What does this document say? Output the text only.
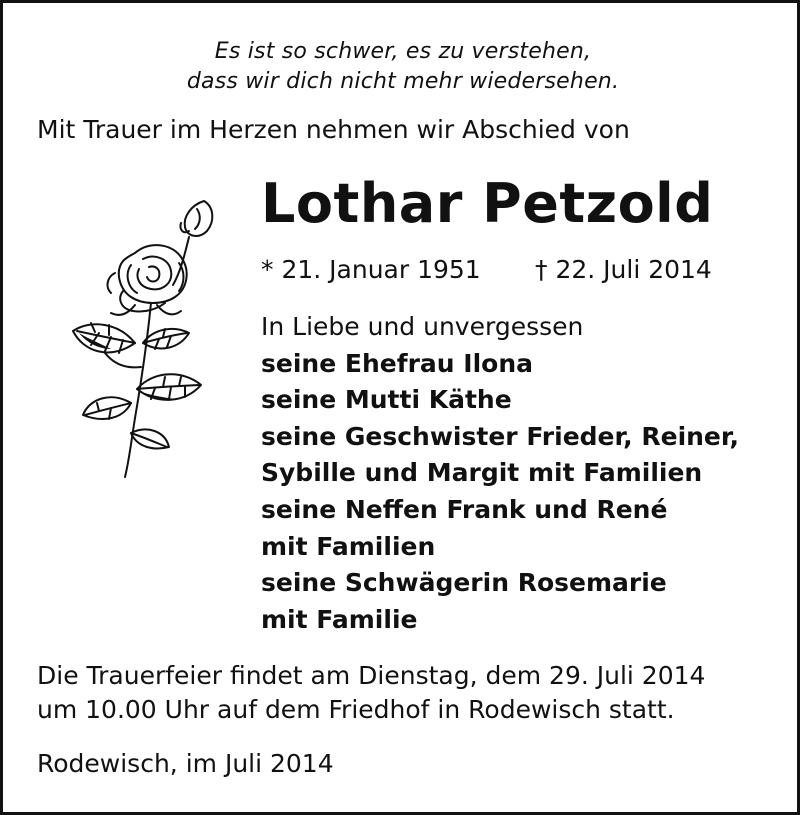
Es ist so schwer, es zu verstehen,
dass wir dich nicht mehr wiedersehen.
Mit Trauer im Herzen nehmen wir Abschied von
Lothar Petzold
* 21. Januar 1951 † 22. Juli 2014
In Liebe und unvergessen
seine Ehefrau Ilona
seine Mutti Käthe
seine Geschwister Frieder, Reiner,
Sybille und Margit mit Familien
seine Neffen Frank und René
mit Familien
seine Schwägerin Rosemarie
mit Familie
Die Trauerfeier findet am Dienstag, dem 29. Juli 2014
um 10.00 Uhr auf dem Friedhof in Rodewisch statt.
Rodewisch, im Juli 2014
